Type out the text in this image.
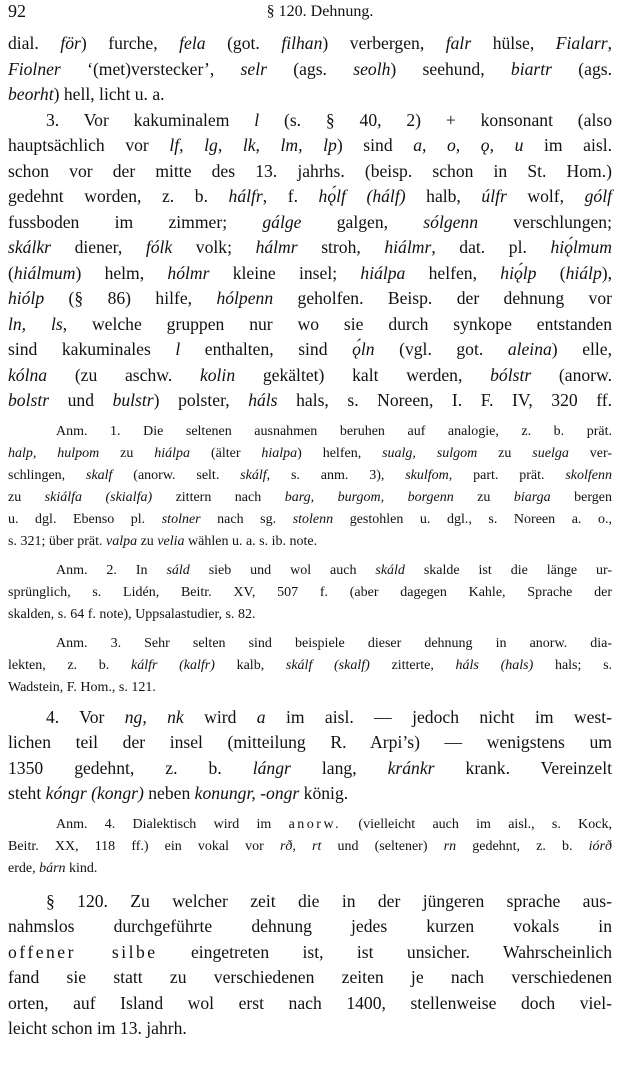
92	§ 120. Dehnung.
dial. för) furche, fela (got. filhan) verbergen, falr hülse, Fialarr,
Fiolner ‘(met)verstecker’, selr (ags. seolh) seehund, biartr (ags.
beorht) hell, licht u. a.
3. Vor kakuminalem l (s. § 40, 2) + konsonant (also
hauptsächlich vor lf, lg, lk, lm, lp) sind a, o, ǫ, u im aisl.
schon vor der mitte des 13. jahrhs. (beisp. schon in St. Hom.)
gedehnt worden, z. b. hálfr, f. hǫ́lf (hálf) halb, úlfr wolf, gólf
fussboden im zimmer; gálge galgen, sólgenn verschlungen;
skálkr diener, fólk volk; hálmr stroh, hiálmr, dat. pl. hiǫ́lmum
(hiálmum) helm, hólmr kleine insel; hiálpa helfen, hiǫ́lp (hiálp),
hiólp (§ 86) hilfe, hólpenn geholfen. Beisp. der dehnung vor
ln, ls, welche gruppen nur wo sie durch synkope entstanden
sind kakuminales l enthalten, sind ǫ́ln (vgl. got. aleina) elle,
kólna (zu aschw. kolin gekältet) kalt werden, bólstr (anorw.
bolstr und bulstr) polster, háls hals, s. Noreen, I. F. IV, 320 ff.
Anm. 1. Die seltenen ausnahmen beruhen auf analogie, z. b. prät.
halp, hulpom zu hiálpa (älter hialpa) helfen, sualg, sulgom zu suelga ver-
schlingen, skalf (anorw. selt. skálf, s. anm. 3), skulfom, part. prät. skolfenn
zu skiálfa (skialfa) zittern nach barg, burgom, borgenn zu biarga bergen
u. dgl. Ebenso pl. stolner nach sg. stolenn gestohlen u. dgl., s. Noreen a. o.,
s. 321; über prät. valpa zu velia wählen u. a. s. ib. note.
Anm. 2. In sáld sieb und wol auch skáld skalde ist die länge ur-
sprünglich, s. Lidén, Beitr. XV, 507 f. (aber dagegen Kahle, Sprache der
skalden, s. 64 f. note), Uppsalastudier, s. 82.
Anm. 3. Sehr selten sind beispiele dieser dehnung in anorw. dia-
lekten, z. b. kálfr (kalfr) kalb, skálf (skalf) zitterte, háls (hals) hals; s.
Wadstein, F. Hom., s. 121.
4. Vor ng, nk wird a im aisl. — jedoch nicht im west-
lichen teil der insel (mitteilung R. Arpi’s) — wenigstens um
1350 gedehnt, z. b. lángr lang, kránkr krank. Vereinzelt
steht kóngr (kongr) neben konungr, -ongr könig.
Anm. 4. Dialektisch wird im anorw. (vielleicht auch im aisl., s. Kock,
Beitr. XX, 118 ff.) ein vokal vor rð, rt und (seltener) rn gedehnt, z. b. iórð
erde, bárn kind.
§ 120. Zu welcher zeit die in der jüngeren sprache aus-
nahmslos durchgeführte dehnung jedes kurzen vokals in
offener silbe eingetreten ist, ist unsicher. Wahrscheinlich
fand sie statt zu verschiedenen zeiten je nach verschiedenen
orten, auf Island wol erst nach 1400, stellenweise doch viel-
leicht schon im 13. jahrh.
